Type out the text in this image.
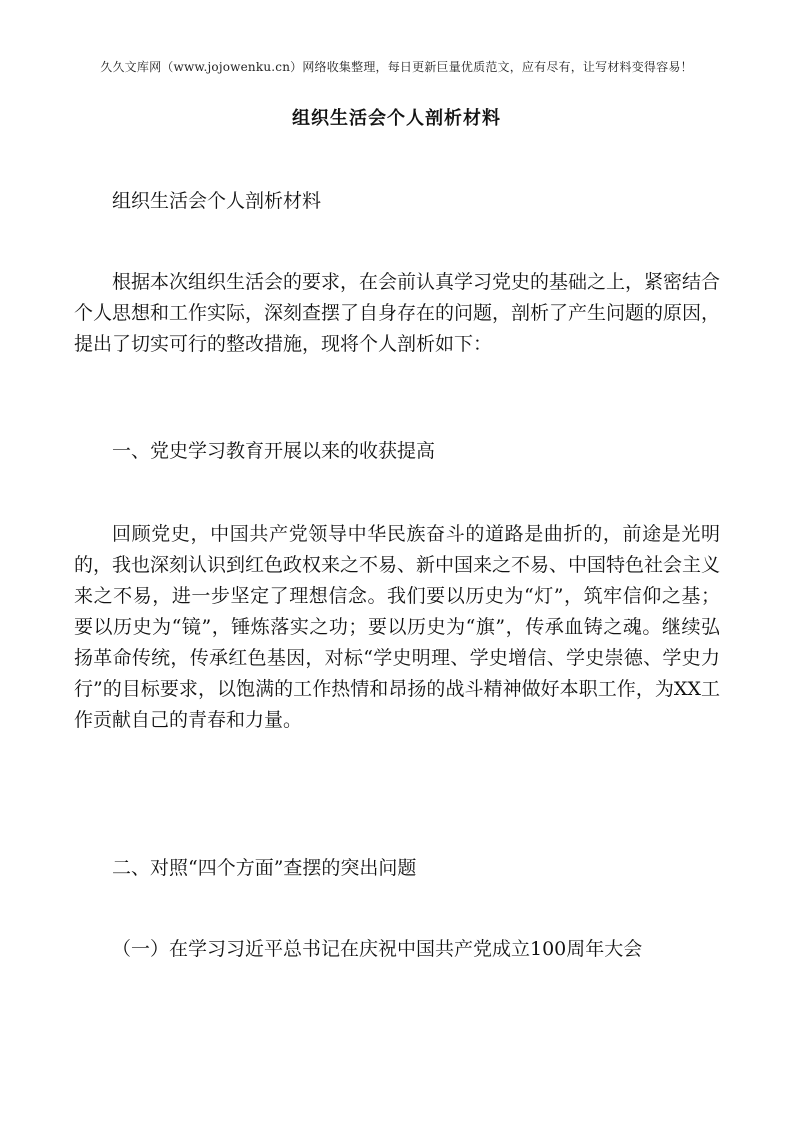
久久文库网（www.jojowenku.cn）网络收集整理，每日更新巨量优质范文，应有尽有，让写材料变得容易！
组织生活会个人剖析材料
组织生活会个人剖析材料
根据本次组织生活会的要求，在会前认真学习党史的基础之上，紧密结合个人思想和工作实际，深刻查摆了自身存在的问题，剖析了产生问题的原因，提出了切实可行的整改措施，现将个人剖析如下：
一、党史学习教育开展以来的收获提高
回顾党史，中国共产党领导中华民族奋斗的道路是曲折的，前途是光明的，我也深刻认识到红色政权来之不易、新中国来之不易、中国特色社会主义来之不易，进一步坚定了理想信念。我们要以历史为“灯”，筑牢信仰之基；要以历史为“镜”，锤炼落实之功；要以历史为“旗”，传承血铸之魂。继续弘扬革命传统，传承红色基因，对标“学史明理、学史增信、学史崇德、学史力行”的目标要求，以饱满的工作热情和昂扬的战斗精神做好本职工作，为XX工作贡献自己的青春和力量。
二、对照“四个方面”查摆的突出问题
（一）在学习习近平总书记在庆祝中国共产党成立100周年大会
